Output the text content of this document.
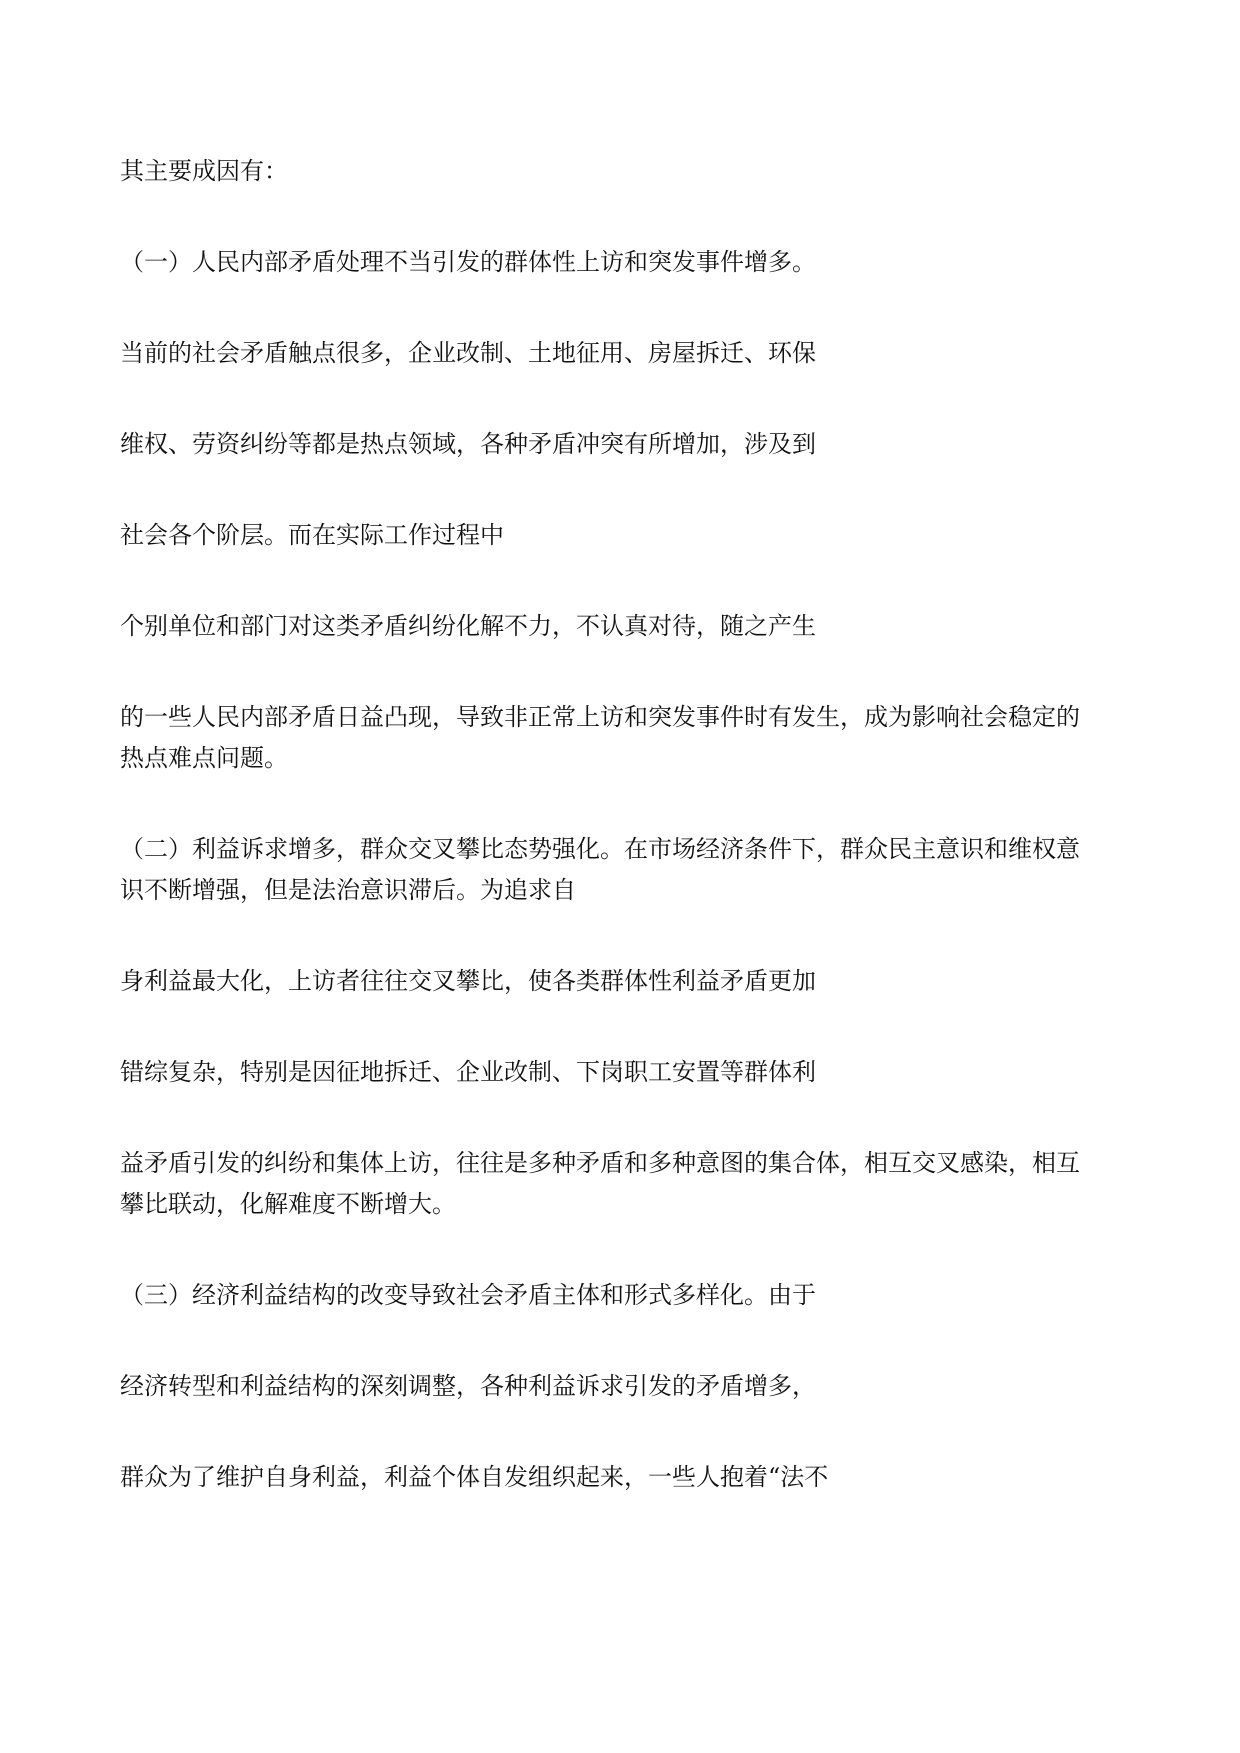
其主要成因有：

（一）人民内部矛盾处理不当引发的群体性上访和突发事件增多。

当前的社会矛盾触点很多，企业改制、土地征用、房屋拆迁、环保

维权、劳资纠纷等都是热点领域，各种矛盾冲突有所增加，涉及到

社会各个阶层。而在实际工作过程中

个别单位和部门对这类矛盾纠纷化解不力，不认真对待，随之产生

的一些人民内部矛盾日益凸现，导致非正常上访和突发事件时有发生，成为影响社会稳定的

热点难点问题。

（二）利益诉求增多，群众交叉攀比态势强化。在市场经济条件下，群众民主意识和维权意

识不断增强，但是法治意识滞后。为追求自

身利益最大化，上访者往往交叉攀比，使各类群体性利益矛盾更加

错综复杂，特别是因征地拆迁、企业改制、下岗职工安置等群体利

益矛盾引发的纠纷和集体上访，往往是多种矛盾和多种意图的集合体，相互交叉感染，相互

攀比联动，化解难度不断增大。

（三）经济利益结构的改变导致社会矛盾主体和形式多样化。由于

经济转型和利益结构的深刻调整，各种利益诉求引发的矛盾增多，

群众为了维护自身利益，利益个体自发组织起来，一些人抱着“法不
